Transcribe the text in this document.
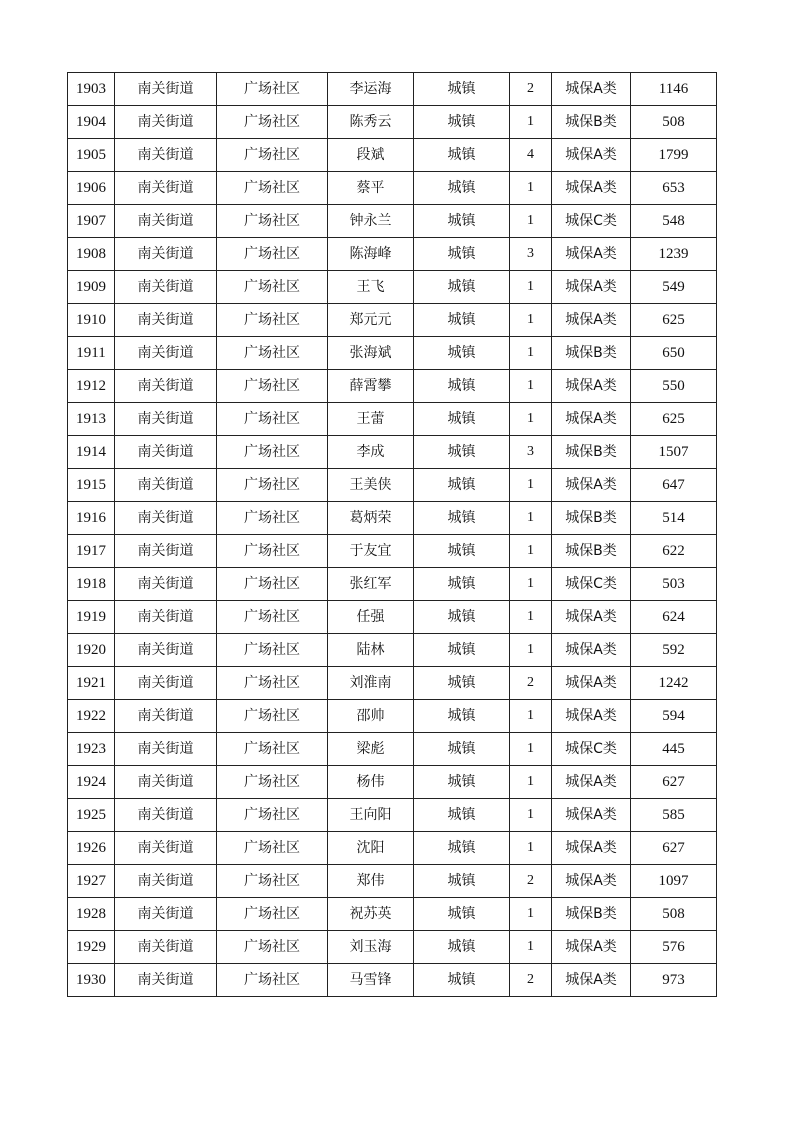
1903	南关街道	广场社区	李运海	城镇	2	城保A类	1146
1904	南关街道	广场社区	陈秀云	城镇	1	城保B类	508
1905	南关街道	广场社区	段斌	城镇	4	城保A类	1799
1906	南关街道	广场社区	蔡平	城镇	1	城保A类	653
1907	南关街道	广场社区	钟永兰	城镇	1	城保C类	548
1908	南关街道	广场社区	陈海峰	城镇	3	城保A类	1239
1909	南关街道	广场社区	王飞	城镇	1	城保A类	549
1910	南关街道	广场社区	郑元元	城镇	1	城保A类	625
1911	南关街道	广场社区	张海斌	城镇	1	城保B类	650
1912	南关街道	广场社区	薛霄攀	城镇	1	城保A类	550
1913	南关街道	广场社区	王蕾	城镇	1	城保A类	625
1914	南关街道	广场社区	李成	城镇	3	城保B类	1507
1915	南关街道	广场社区	王美侠	城镇	1	城保A类	647
1916	南关街道	广场社区	葛炳荣	城镇	1	城保B类	514
1917	南关街道	广场社区	于友宜	城镇	1	城保B类	622
1918	南关街道	广场社区	张红军	城镇	1	城保C类	503
1919	南关街道	广场社区	任强	城镇	1	城保A类	624
1920	南关街道	广场社区	陆林	城镇	1	城保A类	592
1921	南关街道	广场社区	刘淮南	城镇	2	城保A类	1242
1922	南关街道	广场社区	邵帅	城镇	1	城保A类	594
1923	南关街道	广场社区	梁彪	城镇	1	城保C类	445
1924	南关街道	广场社区	杨伟	城镇	1	城保A类	627
1925	南关街道	广场社区	王向阳	城镇	1	城保A类	585
1926	南关街道	广场社区	沈阳	城镇	1	城保A类	627
1927	南关街道	广场社区	郑伟	城镇	2	城保A类	1097
1928	南关街道	广场社区	祝苏英	城镇	1	城保B类	508
1929	南关街道	广场社区	刘玉海	城镇	1	城保A类	576
1930	南关街道	广场社区	马雪锋	城镇	2	城保A类	973
